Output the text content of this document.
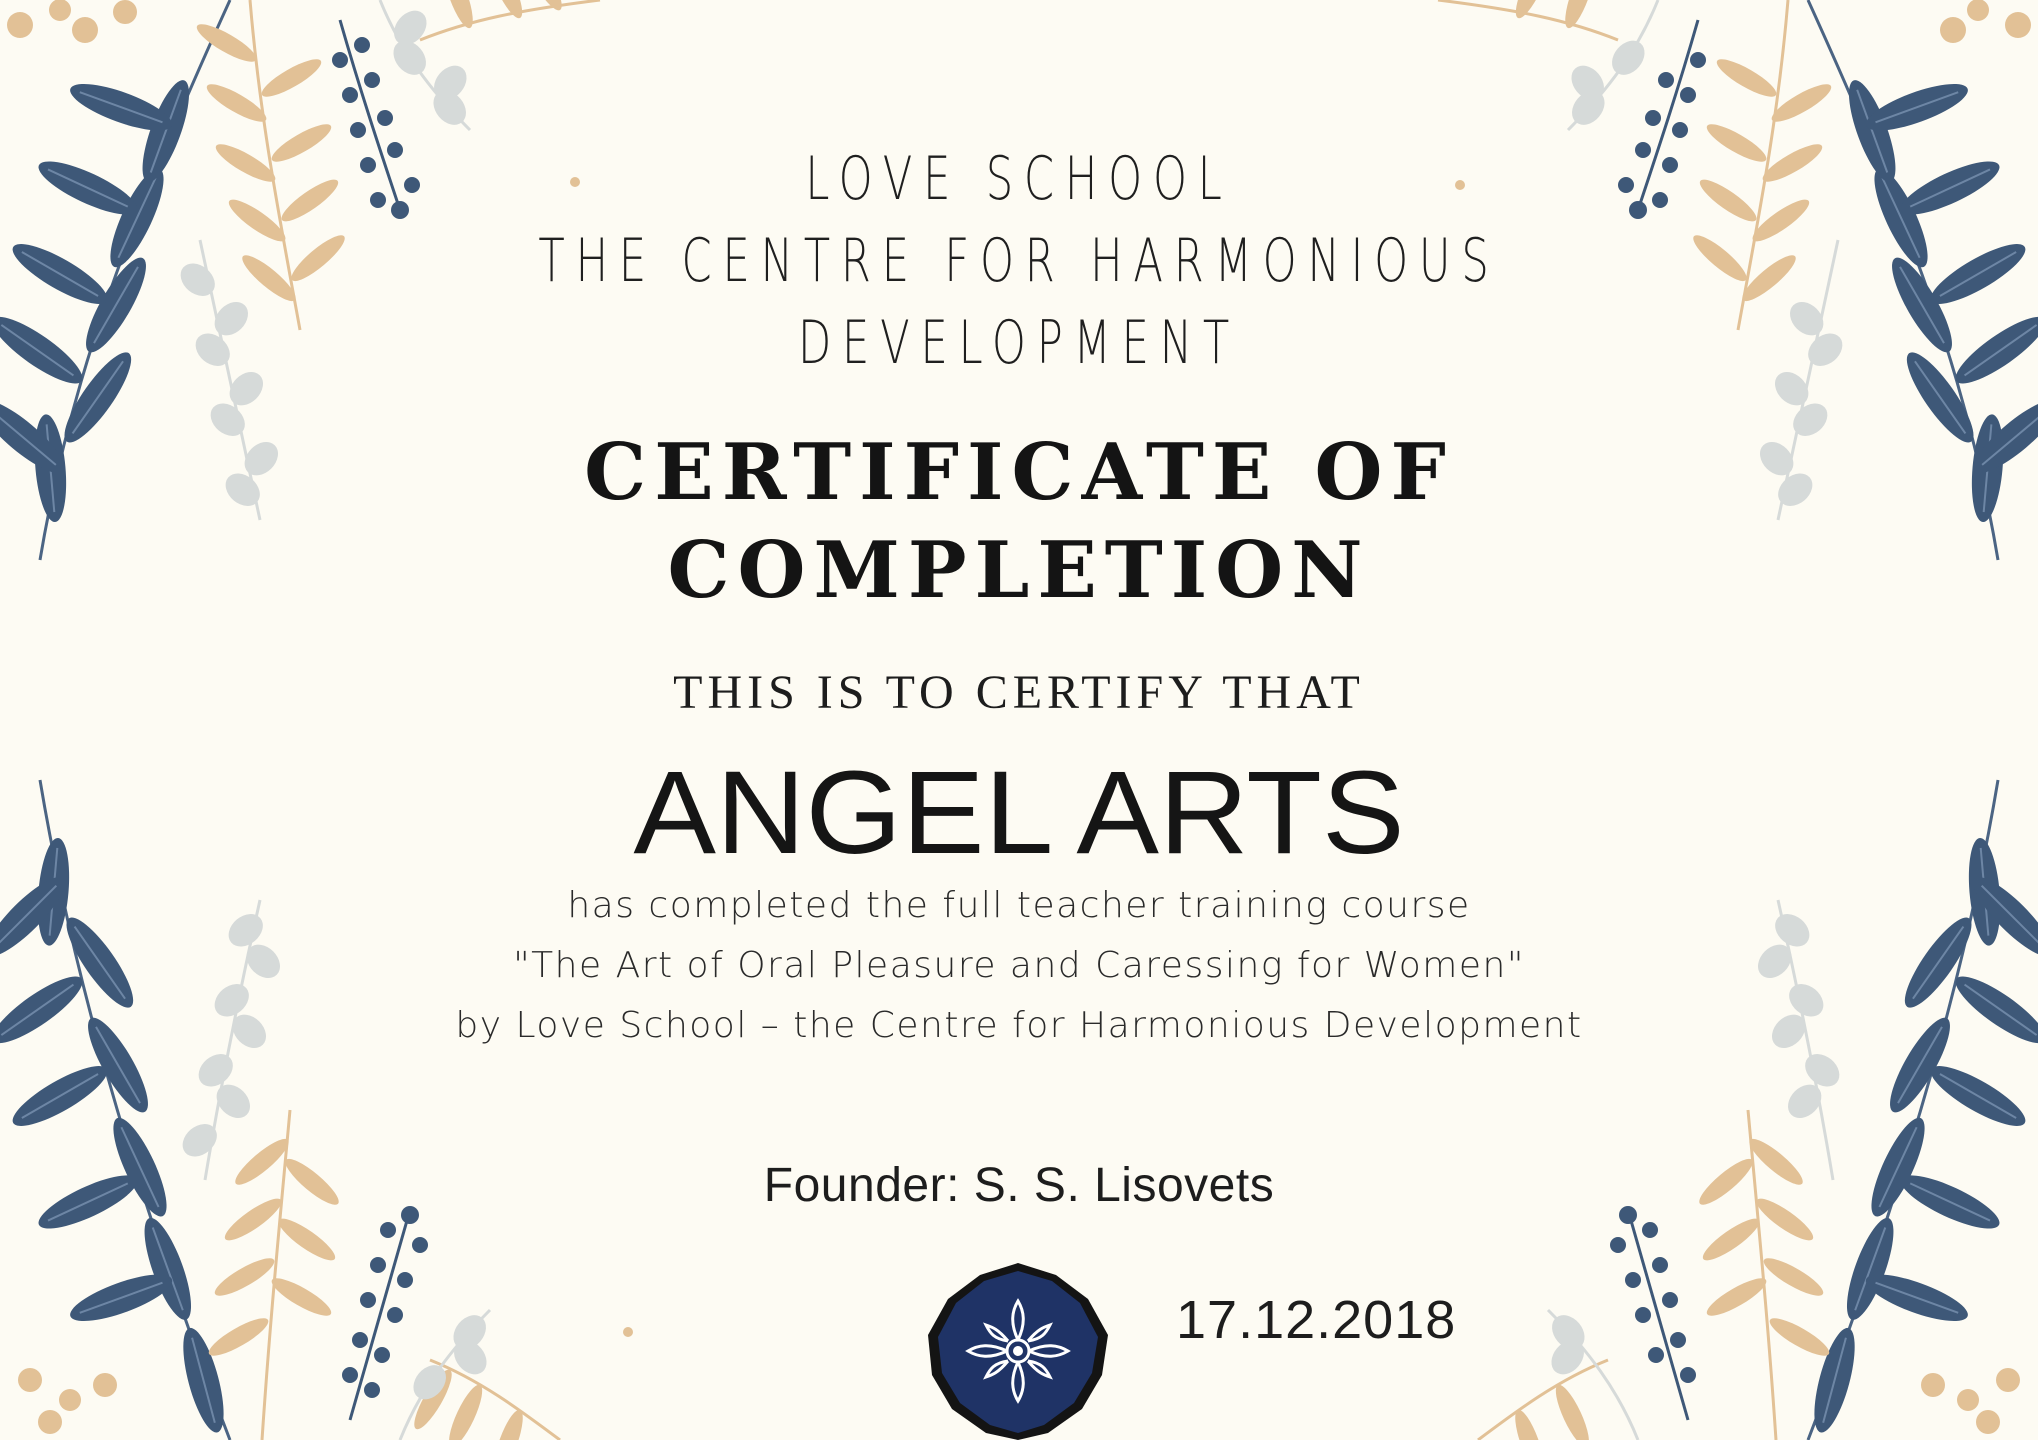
LOVE SCHOOL
THE CENTRE FOR HARMONIOUS
DEVELOPMENT
CERTIFICATE OF
COMPLETION
THIS IS TO CERTIFY THAT
ANGEL ARTS
has completed the full teacher training course
"The Art of Oral Pleasure and Caressing for Women"
by Love School – the Centre for Harmonious Development
Founder: S. S. Lisovets
17.12.2018
